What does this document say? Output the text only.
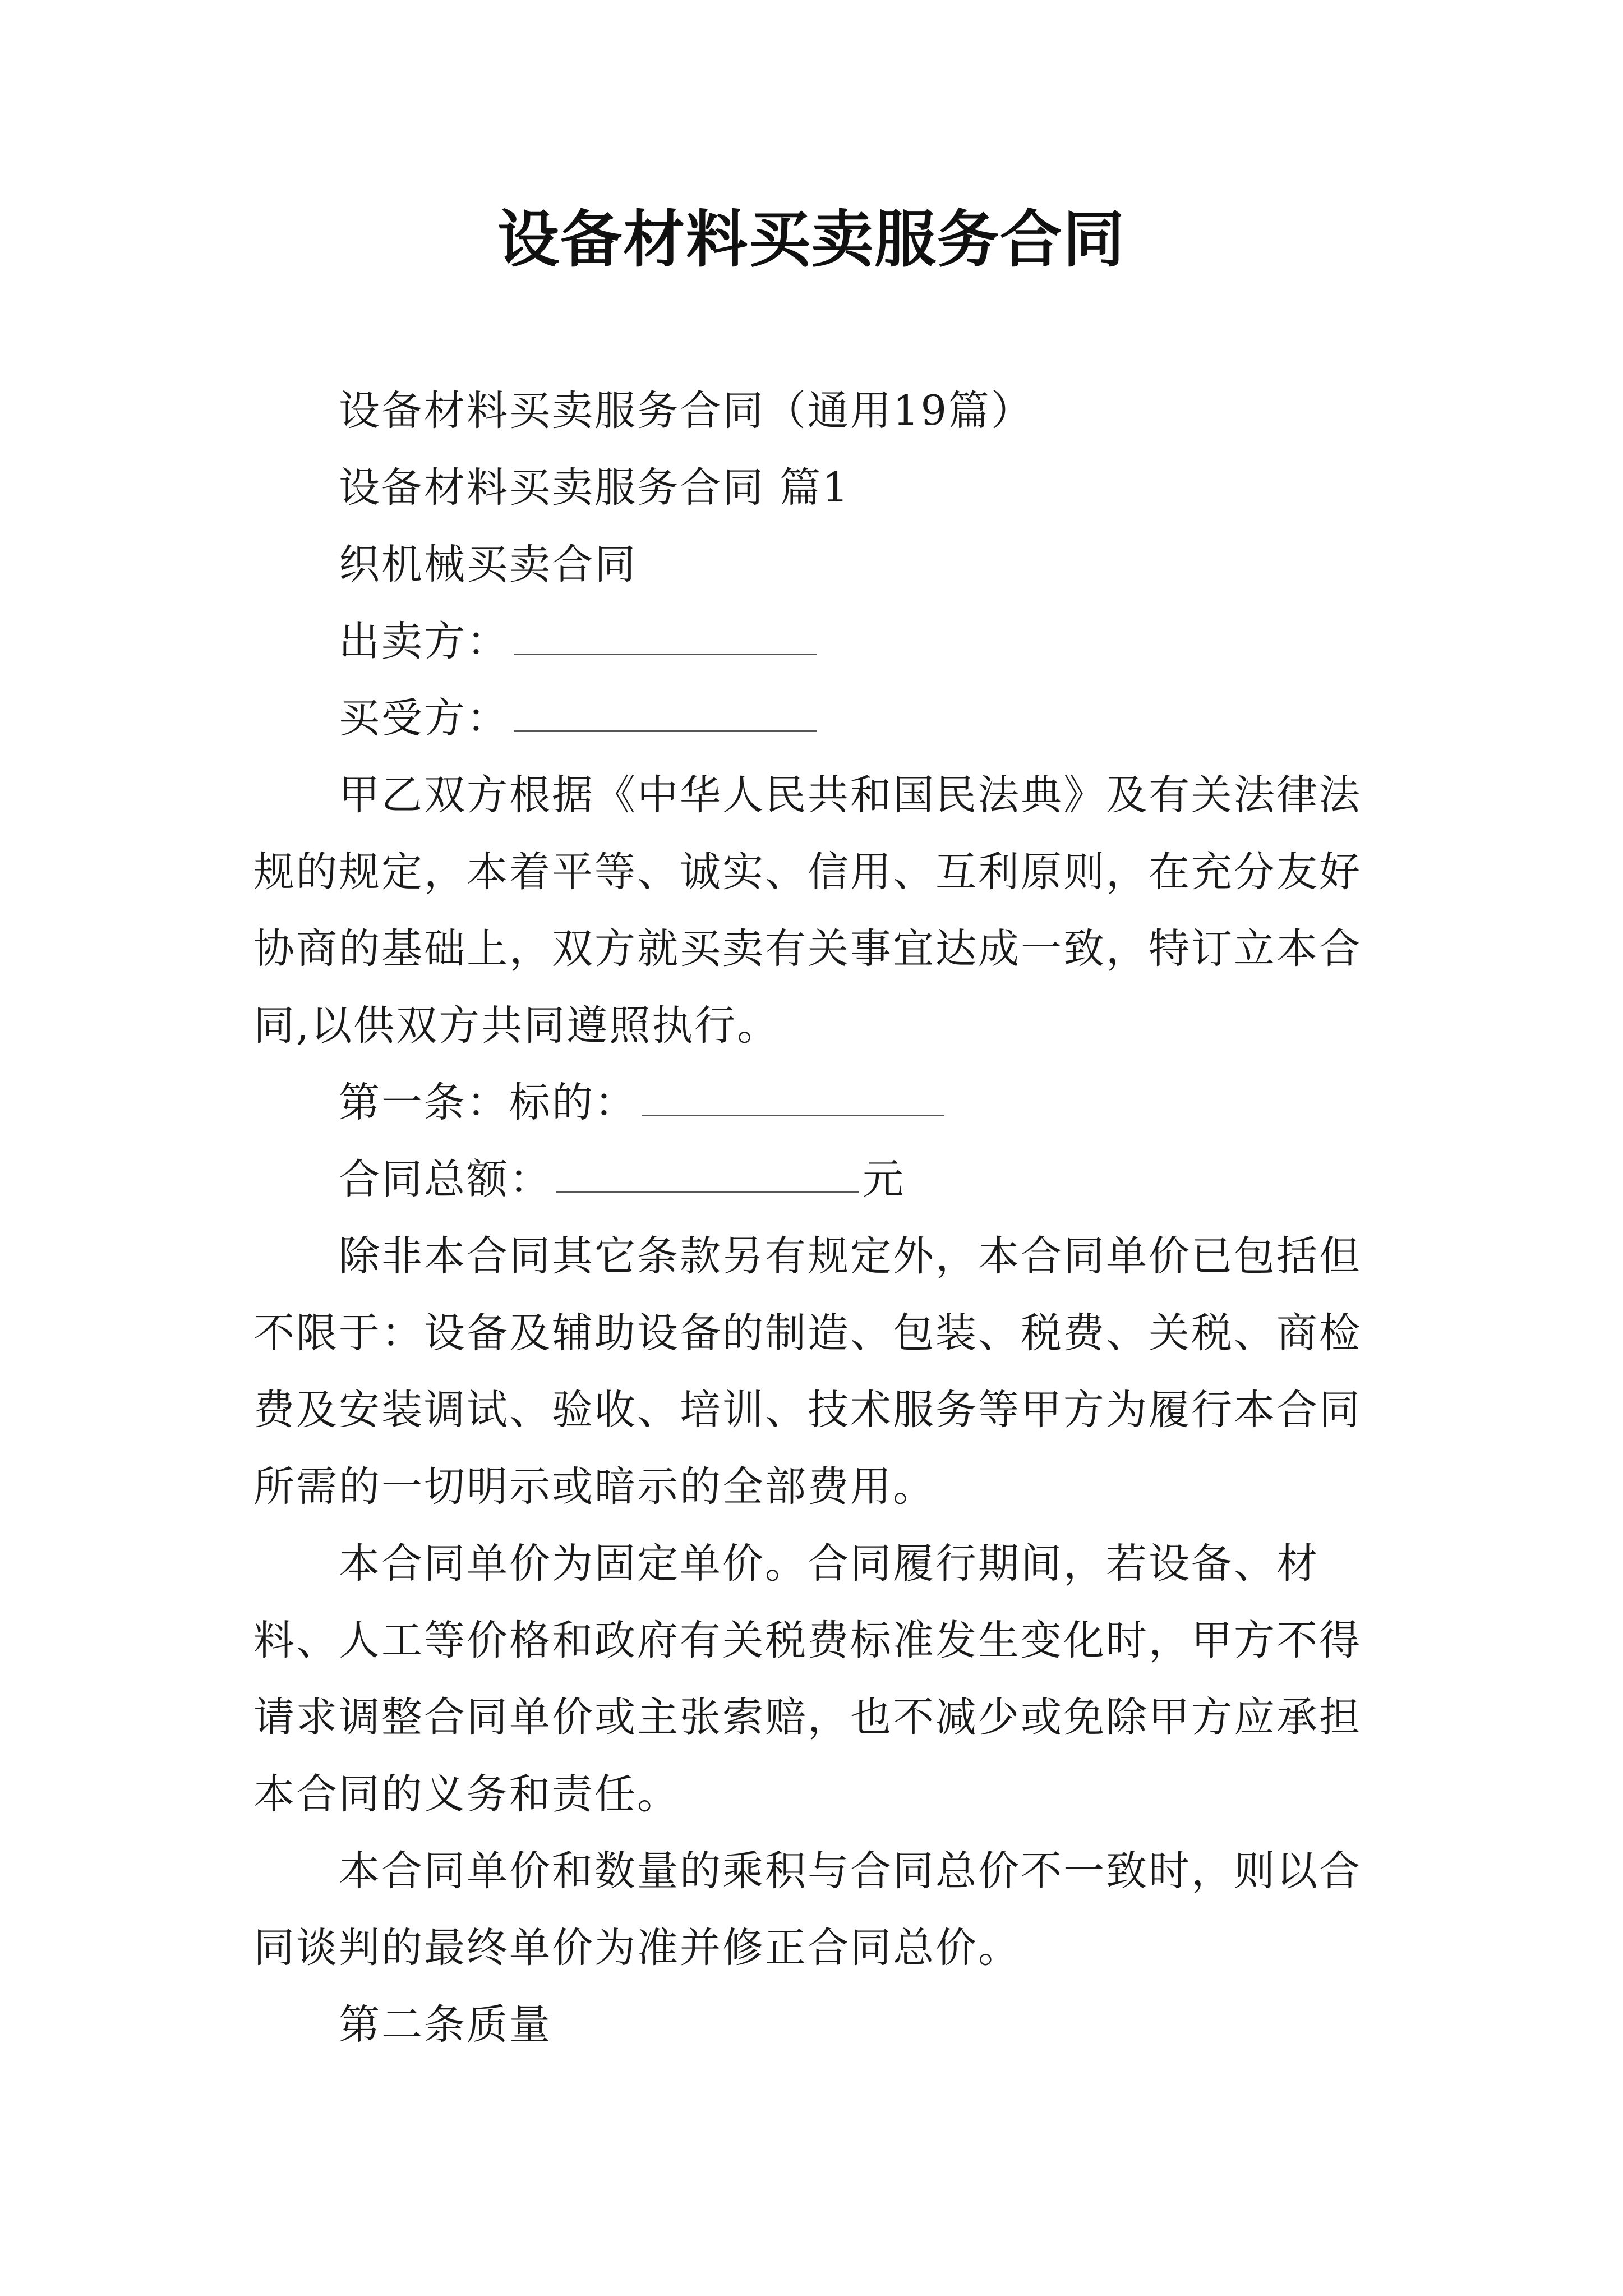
设备材料买卖服务合同

设备材料买卖服务合同（通用19篇）

设备材料买卖服务合同 篇1

织机械买卖合同

出卖方：

买受方：

甲乙双方根据《中华人民共和国民法典》及有关法律法规的规定，本着平等、诚实、信用、互利原则，在充分友好协商的基础上，双方就买卖有关事宜达成一致，特订立本合同,以供双方共同遵照执行。

第一条：标的：

合同总额：	元

除非本合同其它条款另有规定外，本合同单价已包括但不限于：设备及辅助设备的制造、包装、税费、关税、商检费及安装调试、验收、培训、技术服务等甲方为履行本合同所需的一切明示或暗示的全部费用。

本合同单价为固定单价。合同履行期间，若设备、材料、人工等价格和政府有关税费标准发生变化时，甲方不得请求调整合同单价或主张索赔，也不减少或免除甲方应承担本合同的义务和责任。

本合同单价和数量的乘积与合同总价不一致时，则以合同谈判的最终单价为准并修正合同总价。

第二条质量
